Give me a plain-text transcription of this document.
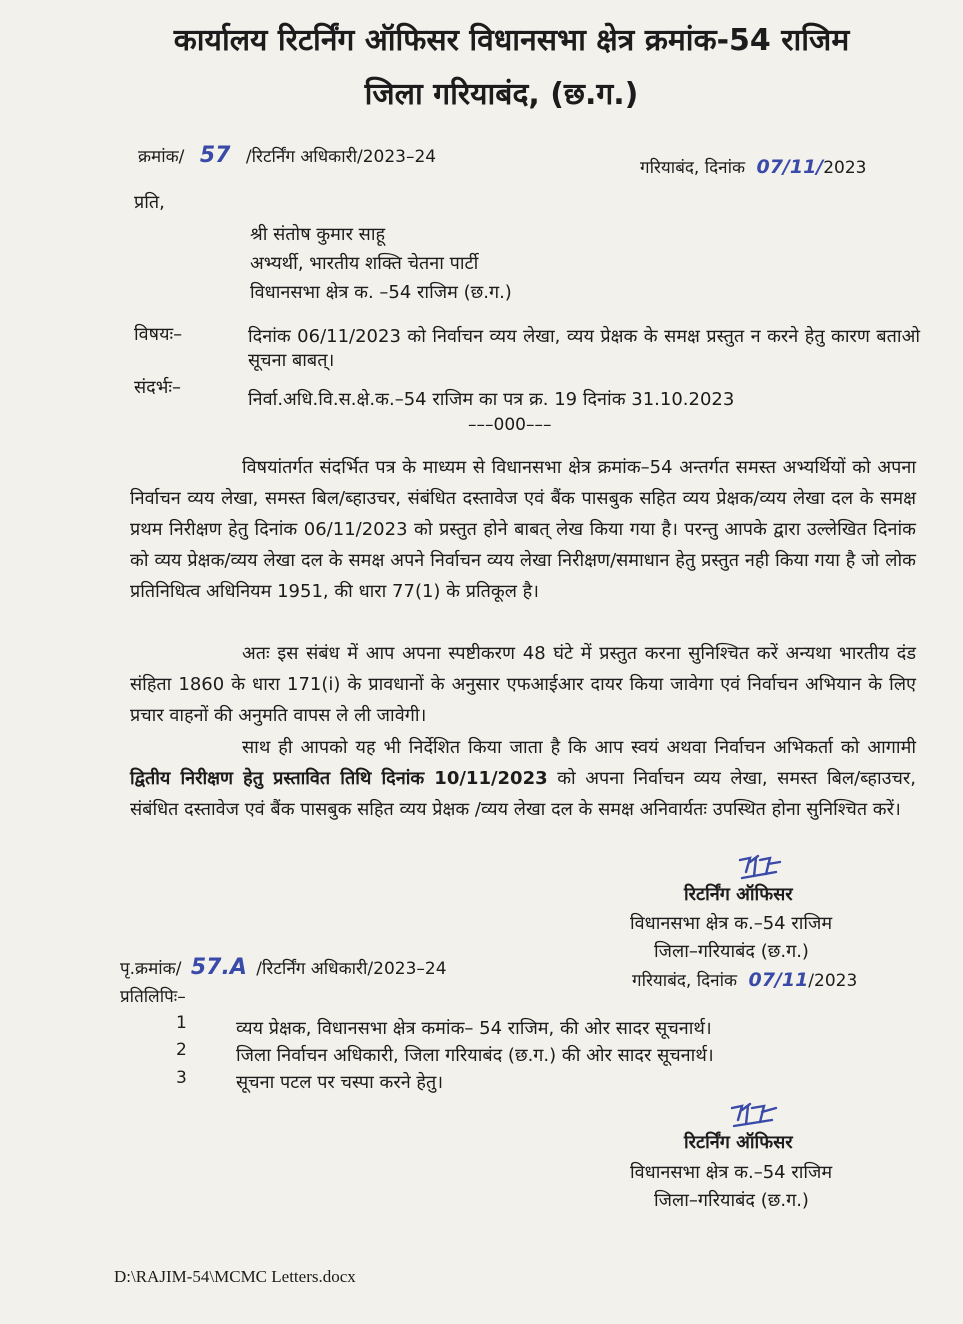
कार्यालय रिटर्निंग ऑफिसर विधानसभा क्षेत्र क्रमांक-54 राजिम
जिला गरियाबंद, (छ.ग.)
क्रमांक/ 57 /रिटर्निंग अधिकारी/2023–24
गरियाबंद, दिनांक 07/11/2023
प्रति,
श्री संतोष कुमार साहू
अभ्यर्थी, भारतीय शक्ति चेतना पार्टी
विधानसभा क्षेत्र क. –54 राजिम (छ.ग.)
विषयः–	दिनांक 06/11/2023 को निर्वाचन व्यय लेखा, व्यय प्रेक्षक के समक्ष प्रस्तुत न करने हेतु कारण बताओ सूचना बाबत्।
संदर्भः–
निर्वा.अधि.वि.स.क्षे.क.–54 राजिम का पत्र क्र. 19 दिनांक 31.10.2023
–––000–––
विषयांतर्गत संदर्भित पत्र के माध्यम से विधानसभा क्षेत्र क्रमांक–54 अन्तर्गत समस्त अभ्यर्थियों को अपना निर्वाचन व्यय लेखा, समस्त बिल/ब्हाउचर, संबंधित दस्तावेज एवं बैंक पासबुक सहित व्यय प्रेक्षक/व्यय लेखा दल के समक्ष प्रथम निरीक्षण हेतु दिनांक 06/11/2023 को प्रस्तुत होने बाबत् लेख किया गया है। परन्तु आपके द्वारा उल्लेखित दिनांक को व्यय प्रेक्षक/व्यय लेखा दल के समक्ष अपने निर्वाचन व्यय लेखा निरीक्षण/समाधान हेतु प्रस्तुत नही किया गया है जो लोक प्रतिनिधित्व अधिनियम 1951, की धारा 77(1) के प्रतिकूल है।
अतः इस संबंध में आप अपना स्पष्टीकरण 48 घंटे में प्रस्तुत करना सुनिश्चित करें अन्यथा भारतीय दंड संहिता 1860 के धारा 171(i) के प्रावधानों के अनुसार एफआईआर दायर किया जावेगा एवं निर्वाचन अभियान के लिए प्रचार वाहनों की अनुमति वापस ले ली जावेगी।
साथ ही आपको यह भी निर्देशित किया जाता है कि आप स्वयं अथवा निर्वाचन अभिकर्ता को आगामी द्वितीय निरीक्षण हेतु प्रस्तावित तिथि दिनांक 10/11/2023 को अपना निर्वाचन व्यय लेखा, समस्त बिल/ब्हाउचर, संबंधित दस्तावेज एवं बैंक पासबुक सहित व्यय प्रेक्षक /व्यय लेखा दल के समक्ष अनिवार्यतः उपस्थित होना सुनिश्चित करें।
रिटर्निंग ऑफिसर
विधानसभा क्षेत्र क.–54 राजिम
जिला–गरियाबंद (छ.ग.)
पृ.क्रमांक/ 57.A /रिटर्निंग अधिकारी/2023–24
गरियाबंद, दिनांक 07/11/2023
प्रतिलिपिः–
1	व्यय प्रेक्षक, विधानसभा क्षेत्र कमांक– 54 राजिम, की ओर सादर सूचनार्थ।
2	जिला निर्वाचन अधिकारी, जिला गरियाबंद (छ.ग.) की ओर सादर सूचनार्थ।
3	सूचना पटल पर चस्पा करने हेतु।
रिटर्निंग ऑफिसर
विधानसभा क्षेत्र क.–54 राजिम
जिला–गरियाबंद (छ.ग.)
D:\RAJIM-54\MCMC Letters.docx
